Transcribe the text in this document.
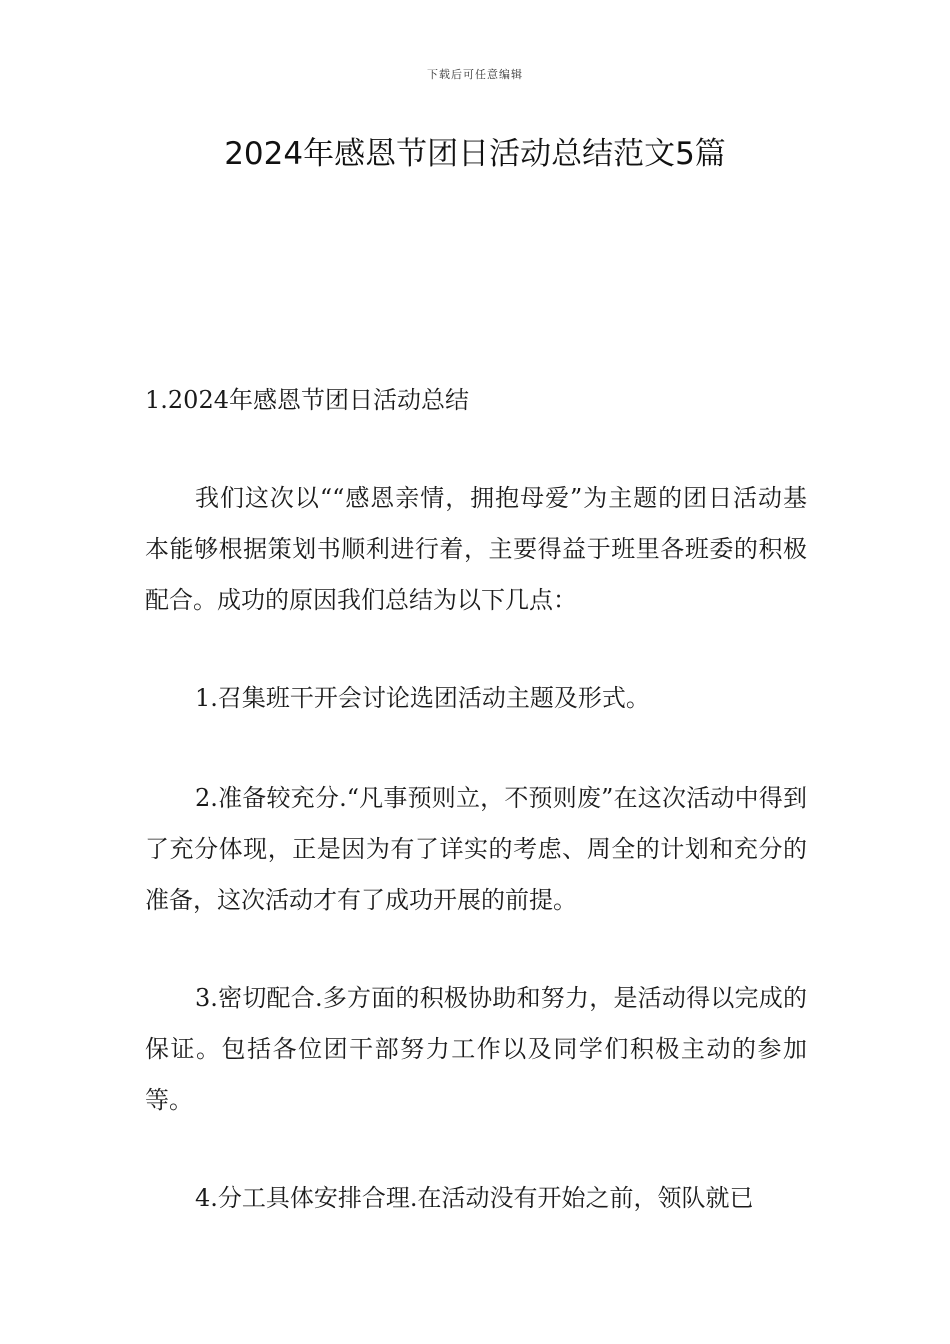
下载后可任意编辑
2024年感恩节团日活动总结范文5篇
1.2024年感恩节团日活动总结

我们这次以““感恩亲情，拥抱母爱”为主题的团日活动基本能够根据策划书顺利进行着，主要得益于班里各班委的积极配合。成功的原因我们总结为以下几点：

1.召集班干开会讨论选团活动主题及形式。

2.准备较充分.“凡事预则立，不预则废”在这次活动中得到了充分体现，正是因为有了详实的考虑、周全的计划和充分的准备，这次活动才有了成功开展的前提。

3.密切配合.多方面的积极协助和努力，是活动得以完成的保证。包括各位团干部努力工作以及同学们积极主动的参加等。

4.分工具体安排合理.在活动没有开始之前，领队就已
